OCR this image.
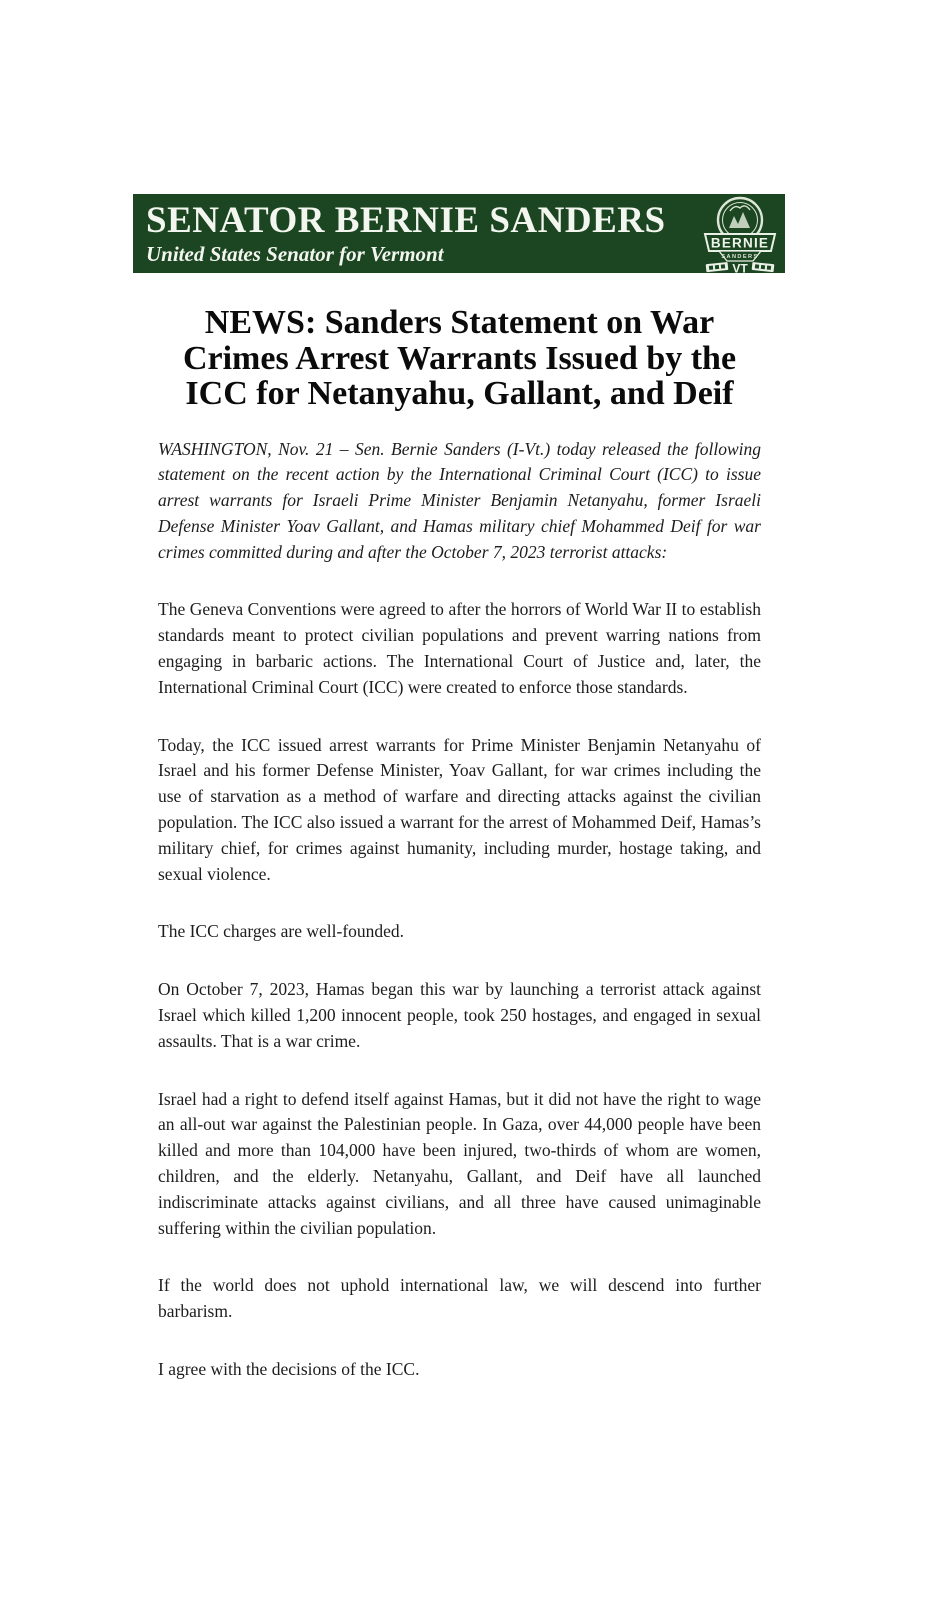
SENATOR BERNIE SANDERS
United States Senator for Vermont	BERNIE
SANDERS
VT
NEWS: Sanders Statement on War
Crimes Arrest Warrants Issued by the
ICC for Netanyahu, Gallant, and Deif

WASHINGTON, Nov. 21 – Sen. Bernie Sanders (I-Vt.) today released the following statement on the recent action by the International Criminal Court (ICC) to issue arrest warrants for Israeli Prime Minister Benjamin Netanyahu, former Israeli Defense Minister Yoav Gallant, and Hamas military chief Mohammed Deif for war crimes committed during and after the October 7, 2023 terrorist attacks:

The Geneva Conventions were agreed to after the horrors of World War II to establish standards meant to protect civilian populations and prevent warring nations from engaging in barbaric actions. The International Court of Justice and, later, the International Criminal Court (ICC) were created to enforce those standards.

Today, the ICC issued arrest warrants for Prime Minister Benjamin Netanyahu of Israel and his former Defense Minister, Yoav Gallant, for war crimes including the use of starvation as a method of warfare and directing attacks against the civilian population. The ICC also issued a warrant for the arrest of Mohammed Deif, Hamas’s military chief, for crimes against humanity, including murder, hostage taking, and sexual violence.

The ICC charges are well-founded.

On October 7, 2023, Hamas began this war by launching a terrorist attack against Israel which killed 1,200 innocent people, took 250 hostages, and engaged in sexual assaults. That is a war crime.

Israel had a right to defend itself against Hamas, but it did not have the right to wage an all-out war against the Palestinian people. In Gaza, over 44,000 people have been killed and more than 104,000 have been injured, two-thirds of whom are women, children, and the elderly. Netanyahu, Gallant, and Deif have all launched indiscriminate attacks against civilians, and all three have caused unimaginable suffering within the civilian population.

If the world does not uphold international law, we will descend into further barbarism.

I agree with the decisions of the ICC.
